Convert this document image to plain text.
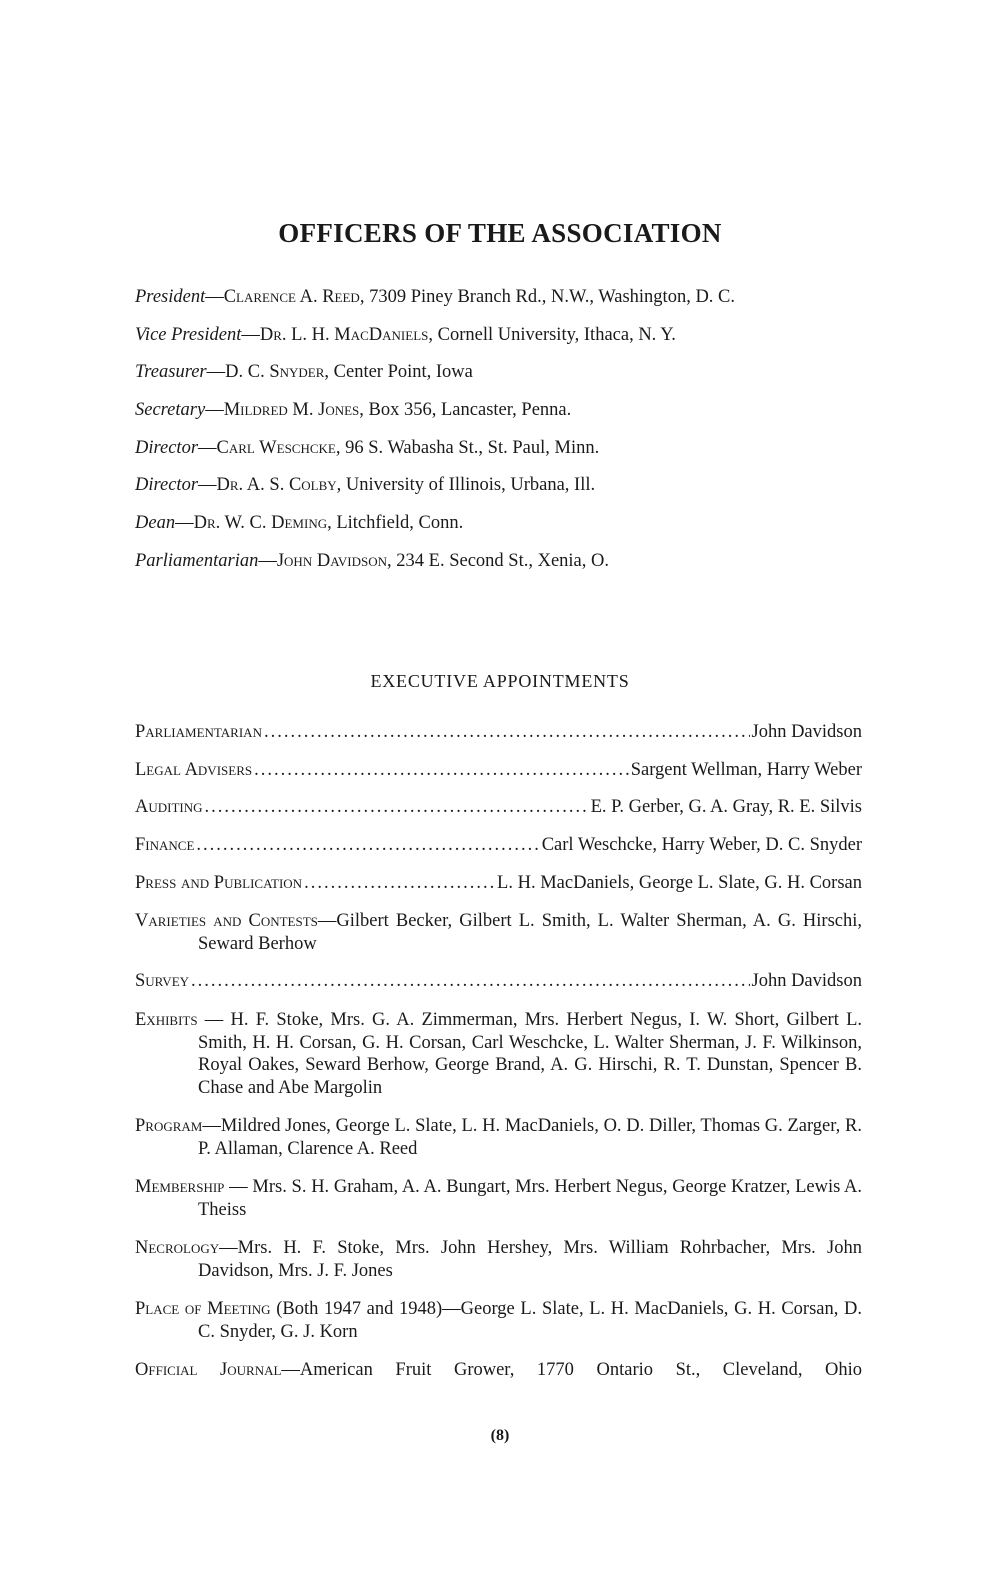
OFFICERS OF THE ASSOCIATION
President—Clarence A. Reed, 7309 Piney Branch Rd., N.W., Washington, D. C.
Vice President—Dr. L. H. MacDaniels, Cornell University, Ithaca, N. Y.
Treasurer—D. C. Snyder, Center Point, Iowa
Secretary—Mildred M. Jones, Box 356, Lancaster, Penna.
Director—Carl Weschcke, 96 S. Wabasha St., St. Paul, Minn.
Director—Dr. A. S. Colby, University of Illinois, Urbana, Ill.
Dean—Dr. W. C. Deming, Litchfield, Conn.
Parliamentarian—John Davidson, 234 E. Second St., Xenia, O.
EXECUTIVE APPOINTMENTS
Parliamentarian .....	John Davidson
Legal Advisers .....	Sargent Wellman, Harry Weber
Auditing .....	E. P. Gerber, G. A. Gray, R. E. Silvis
Finance .....	Carl Weschcke, Harry Weber, D. C. Snyder
Press and Publication .....	L. H. MacDaniels, George L. Slate, G. H. Corsan
Varieties and Contests—Gilbert Becker, Gilbert L. Smith, L. Walter Sherman, A. G. Hirschi, Seward Berhow
Survey .....	John Davidson
Exhibits — H. F. Stoke, Mrs. G. A. Zimmerman, Mrs. Herbert Negus, I. W. Short, Gilbert L. Smith, H. H. Corsan, G. H. Corsan, Carl Weschcke, L. Walter Sherman, J. F. Wilkinson, Royal Oakes, Seward Berhow, George Brand, A. G. Hirschi, R. T. Dunstan, Spencer B. Chase and Abe Margolin
Program—Mildred Jones, George L. Slate, L. H. MacDaniels, O. D. Diller, Thomas G. Zarger, R. P. Allaman, Clarence A. Reed
Membership — Mrs. S. H. Graham, A. A. Bungart, Mrs. Herbert Negus, George Kratzer, Lewis A. Theiss
Necrology—Mrs. H. F. Stoke, Mrs. John Hershey, Mrs. William Rohrbacher, Mrs. John Davidson, Mrs. J. F. Jones
Place of Meeting (Both 1947 and 1948)—George L. Slate, L. H. MacDaniels, G. H. Corsan, D. C. Snyder, G. J. Korn
Official Journal—American Fruit Grower, 1770 Ontario St., Cleveland, Ohio
(8)
